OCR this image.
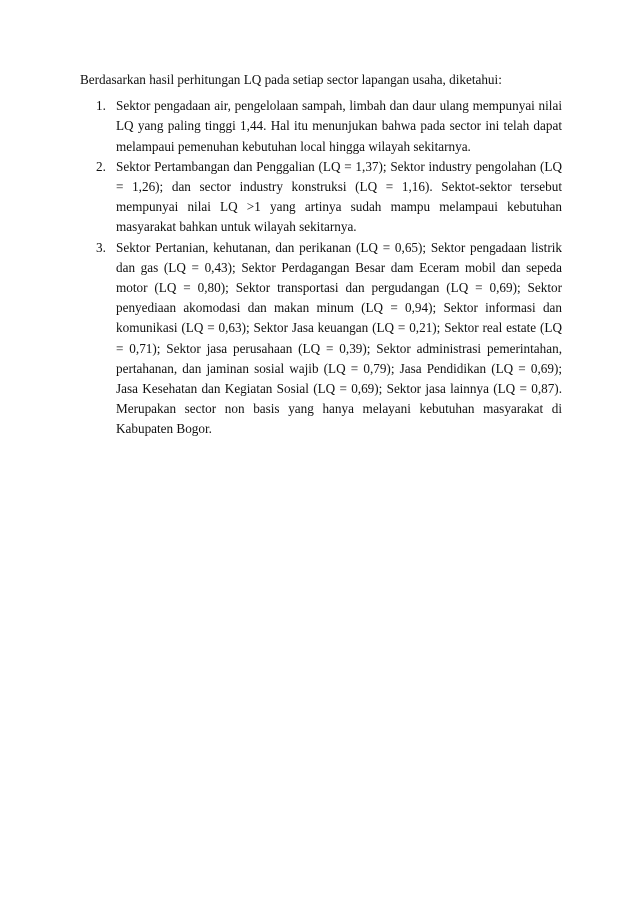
Berdasarkan hasil perhitungan LQ pada setiap sector lapangan usaha, diketahui:

1. Sektor pengadaan air, pengelolaan sampah, limbah dan daur ulang mempunyai nilai LQ yang paling tinggi 1,44. Hal itu menunjukan bahwa pada sector ini telah dapat melampaui pemenuhan kebutuhan local hingga wilayah sekitarnya.
2. Sektor Pertambangan dan Penggalian (LQ = 1,37); Sektor industry pengolahan (LQ = 1,26); dan sector industry konstruksi (LQ = 1,16). Sektot-sektor tersebut mempunyai nilai LQ >1 yang artinya sudah mampu melampaui kebutuhan masyarakat bahkan untuk wilayah sekitarnya.
3. Sektor Pertanian, kehutanan, dan perikanan (LQ = 0,65); Sektor pengadaan listrik dan gas (LQ = 0,43); Sektor Perdagangan Besar dam Eceram mobil dan sepeda motor (LQ = 0,80); Sektor transportasi dan pergudangan (LQ = 0,69); Sektor penyediaan akomodasi dan makan minum (LQ = 0,94); Sektor informasi dan komunikasi (LQ = 0,63); Sektor Jasa keuangan (LQ = 0,21); Sektor real estate (LQ = 0,71); Sektor jasa perusahaan (LQ = 0,39); Sektor administrasi pemerintahan, pertahanan, dan jaminan sosial wajib (LQ = 0,79); Jasa Pendidikan (LQ = 0,69); Jasa Kesehatan dan Kegiatan Sosial (LQ = 0,69); Sektor jasa lainnya (LQ = 0,87). Merupakan sector non basis yang hanya melayani kebutuhan masyarakat di Kabupaten Bogor.
